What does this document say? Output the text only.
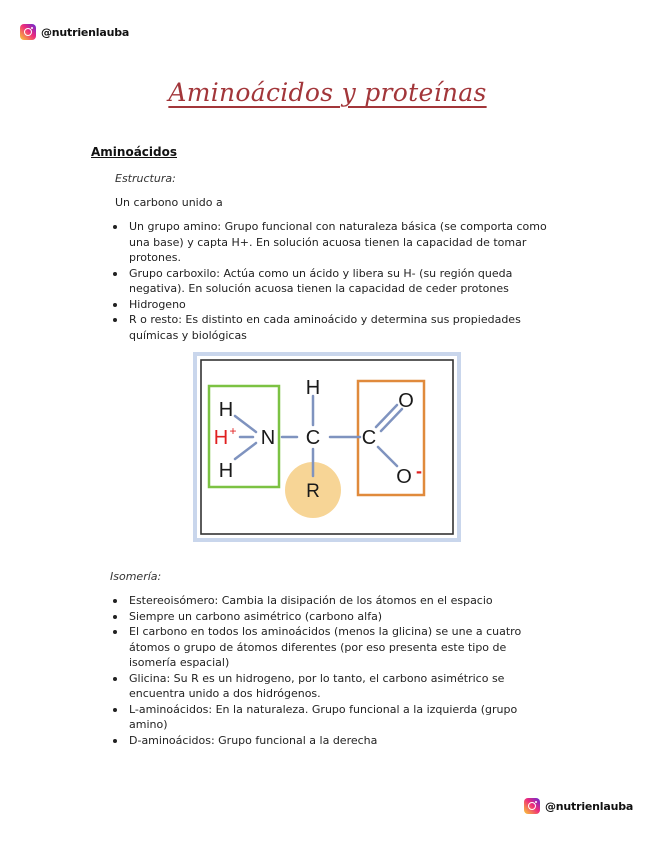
@nutrienlauba
Aminoácidos y proteínas
Aminoácidos
Estructura:
Un carbono unido a
Un grupo amino: Grupo funcional con naturaleza básica (se comporta como una base) y capta H+. En solución acuosa tienen la capacidad de tomar protones.
Grupo carboxilo: Actúa como un ácido y libera su H- (su región queda negativa). En solución acuosa tienen la capacidad de ceder protones
Hidrogeno
R o resto: Es distinto en cada aminoácido y determina sus propiedades químicas y biológicas
H
H +
H
N
H
C
R
C
O
O -
Isomería:
Estereoisómero: Cambia la disipación de los átomos en el espacio
Siempre un carbono asimétrico (carbono alfa)
El carbono en todos los aminoácidos (menos la glicina) se une a cuatro átomos o grupo de átomos diferentes (por eso presenta este tipo de isomería espacial)
Glicina: Su R es un hidrogeno, por lo tanto, el carbono asimétrico se encuentra unido a dos hidrógenos.
L-aminoácidos: En la naturaleza. Grupo funcional a la izquierda (grupo amino)
D-aminoácidos: Grupo funcional a la derecha
@nutrienlauba
